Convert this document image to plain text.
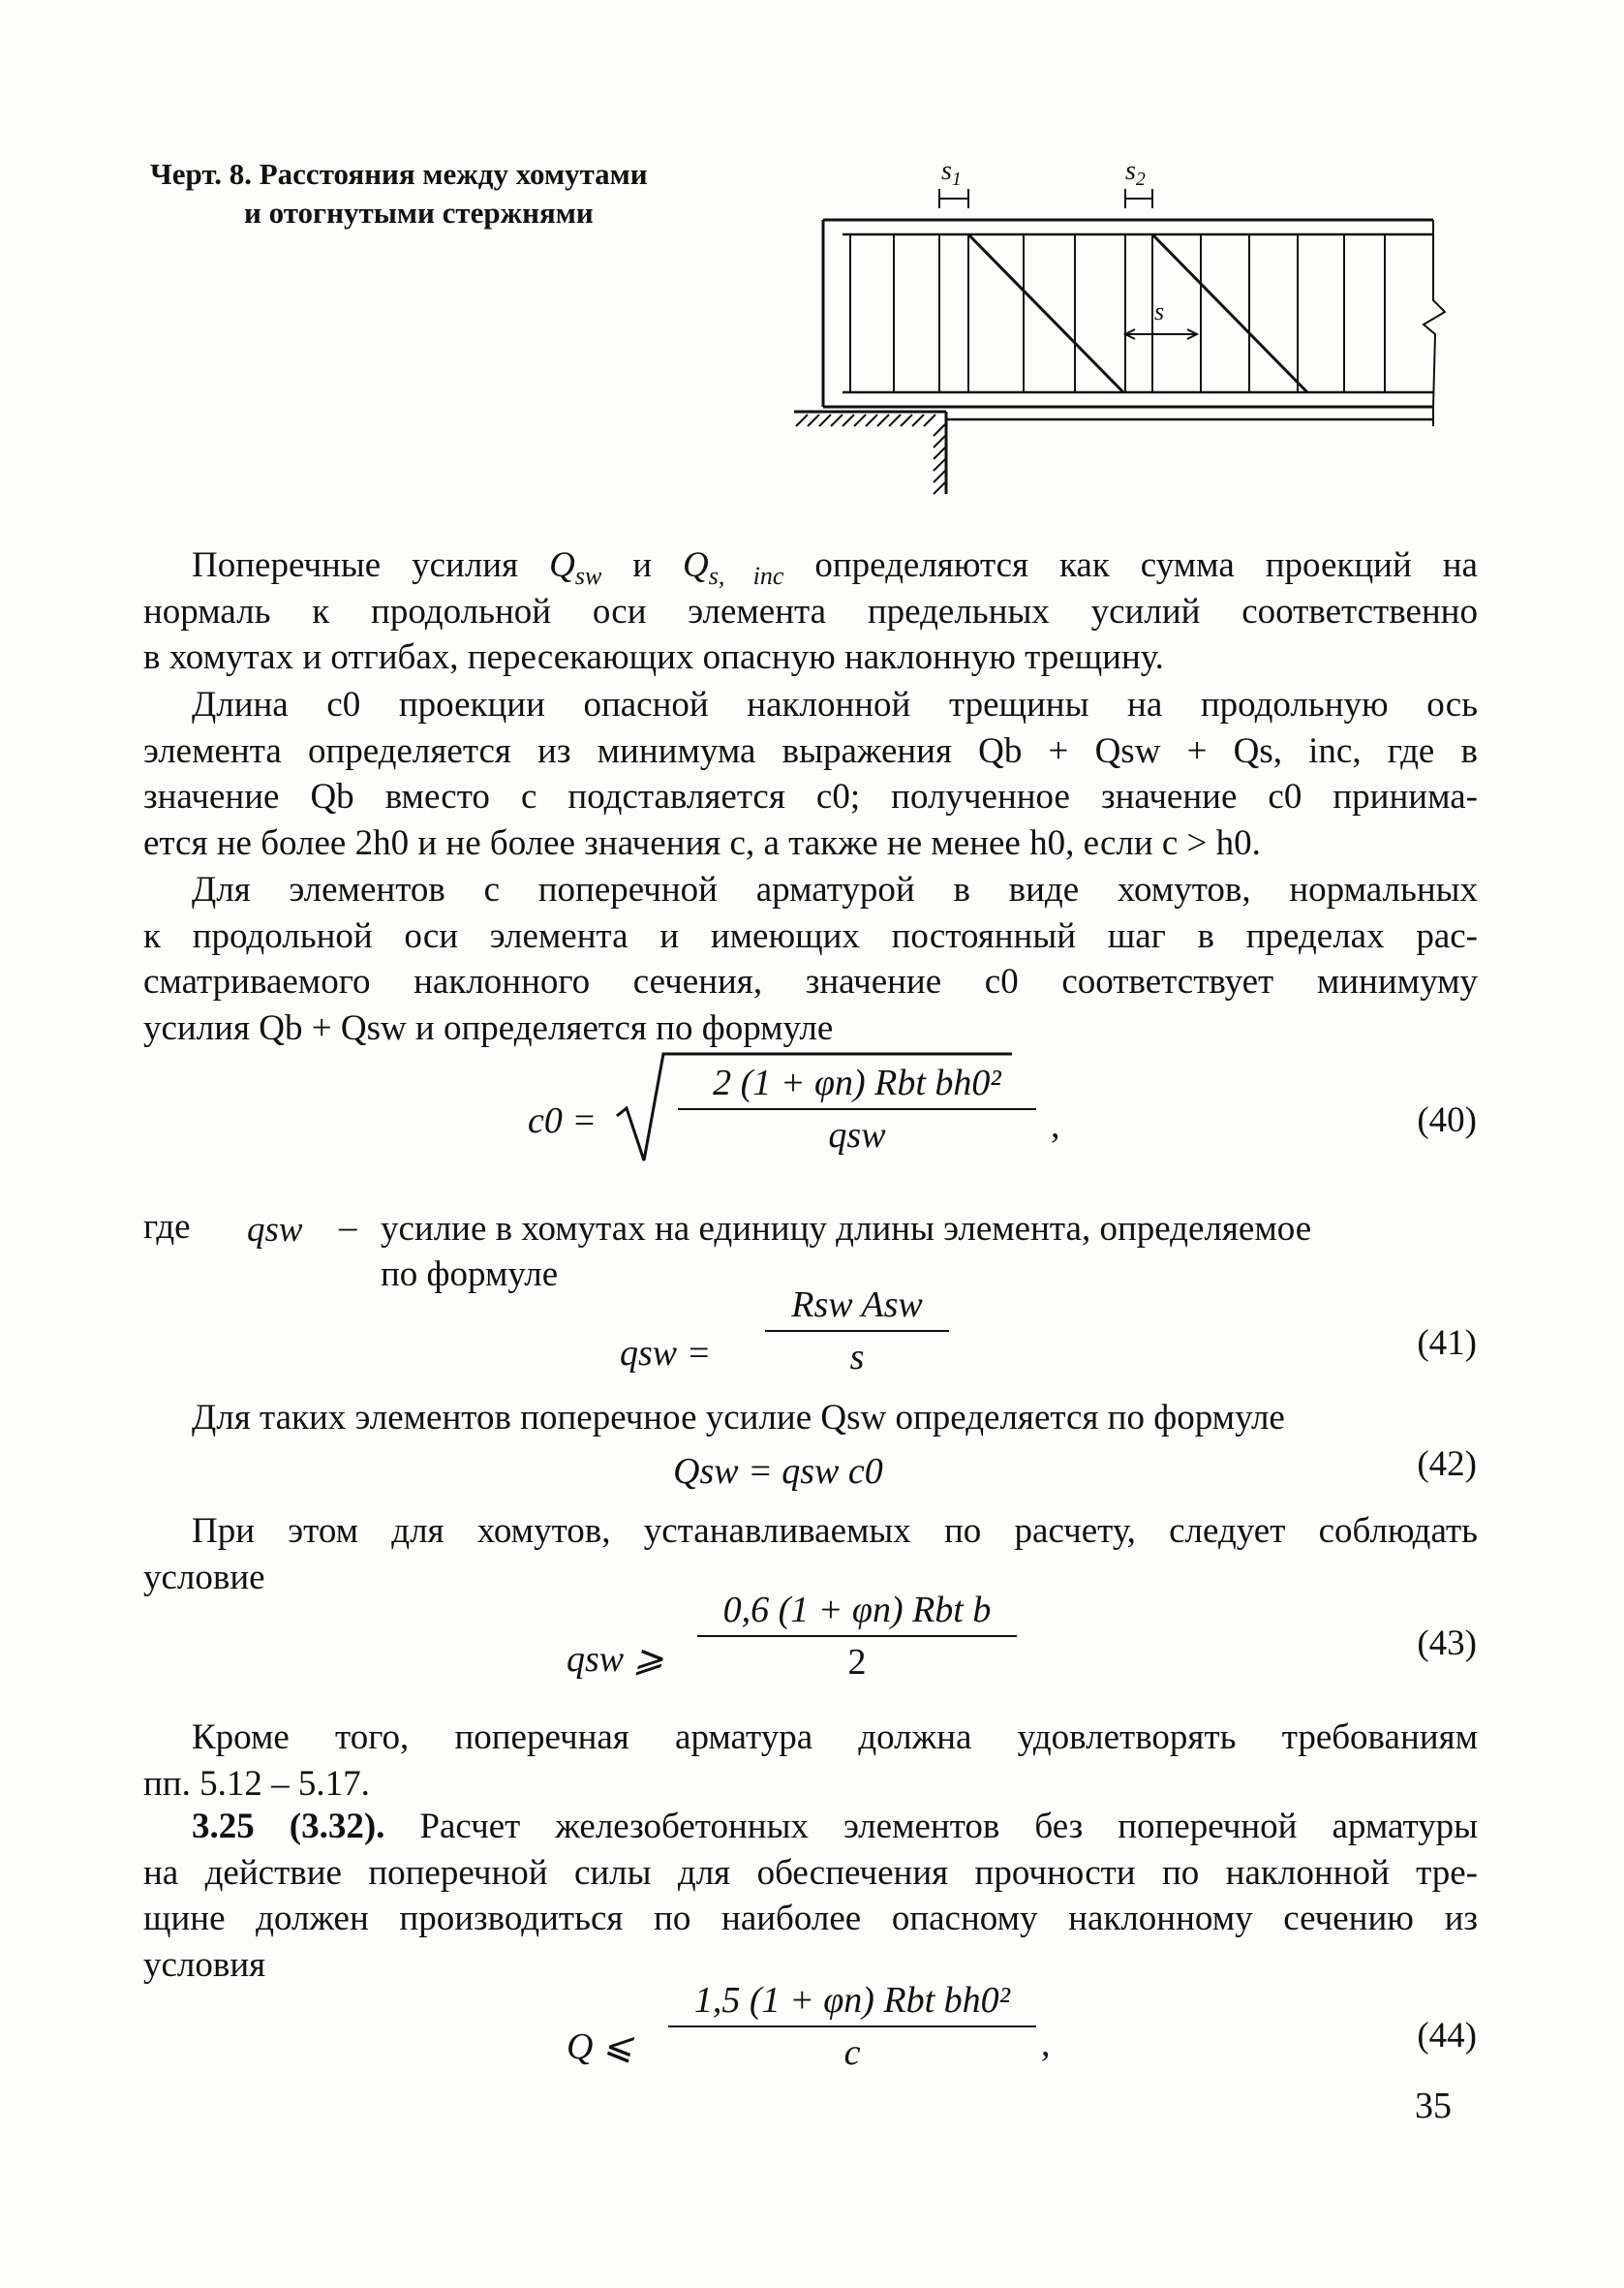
Черт. 8. Расстояния между хомутами
и отогнутыми стержнями
$s_1$	$s_2$
s
Поперечные усилия $Q_{sw}$ и $Q_{s, inc}$ определяются как сумма проекций на
нормаль к продольной оси элемента предельных усилий соответственно
в хомутах и отгибах, пересекающих опасную наклонную трещину.
Длина c0 проекции опасной наклонной трещины на продольную ось
элемента определяется из минимума выражения Qb + Qsw + Qs, inc, где в
значение Qb вместо c подставляется c0; полученное значение c0 принима-
ется не более 2h0 и не более значения c, а также не менее h0, если c > h0.
Для элементов с поперечной арматурой в виде хомутов, нормальных
к продольной оси элемента и имеющих постоянный шаг в пределах рас-
сматриваемого наклонного сечения, значение c0 соответствует минимуму
усилия Qb + Qsw и определяется по формуле
c0 =
2 (1 + φn) Rbt bh0²
qsw	,	(40)
где qsw – усилие в хомутах на единицу длины элемента, определяемое
по формуле
qsw =
Rsw Asw
s	(41)
Для таких элементов поперечное усилие Qsw определяется по формуле
Qsw = qsw c0	(42)
При этом для хомутов, устанавливаемых по расчету, следует соблюдать
условие
qsw ⩾
0,6 (1 + φn) Rbt b
2	(43)
Кроме того, поперечная арматура должна удовлетворять требованиям
пп. 5.12 – 5.17.
3.25 (3.32). Расчет железобетонных элементов без поперечной арматуры
на действие поперечной силы для обеспечения прочности по наклонной тре-
щине должен производиться по наиболее опасному наклонному сечению из
условия
Q ⩽
1,5 (1 + φn) Rbt bh0²
c	,	(44)
35
